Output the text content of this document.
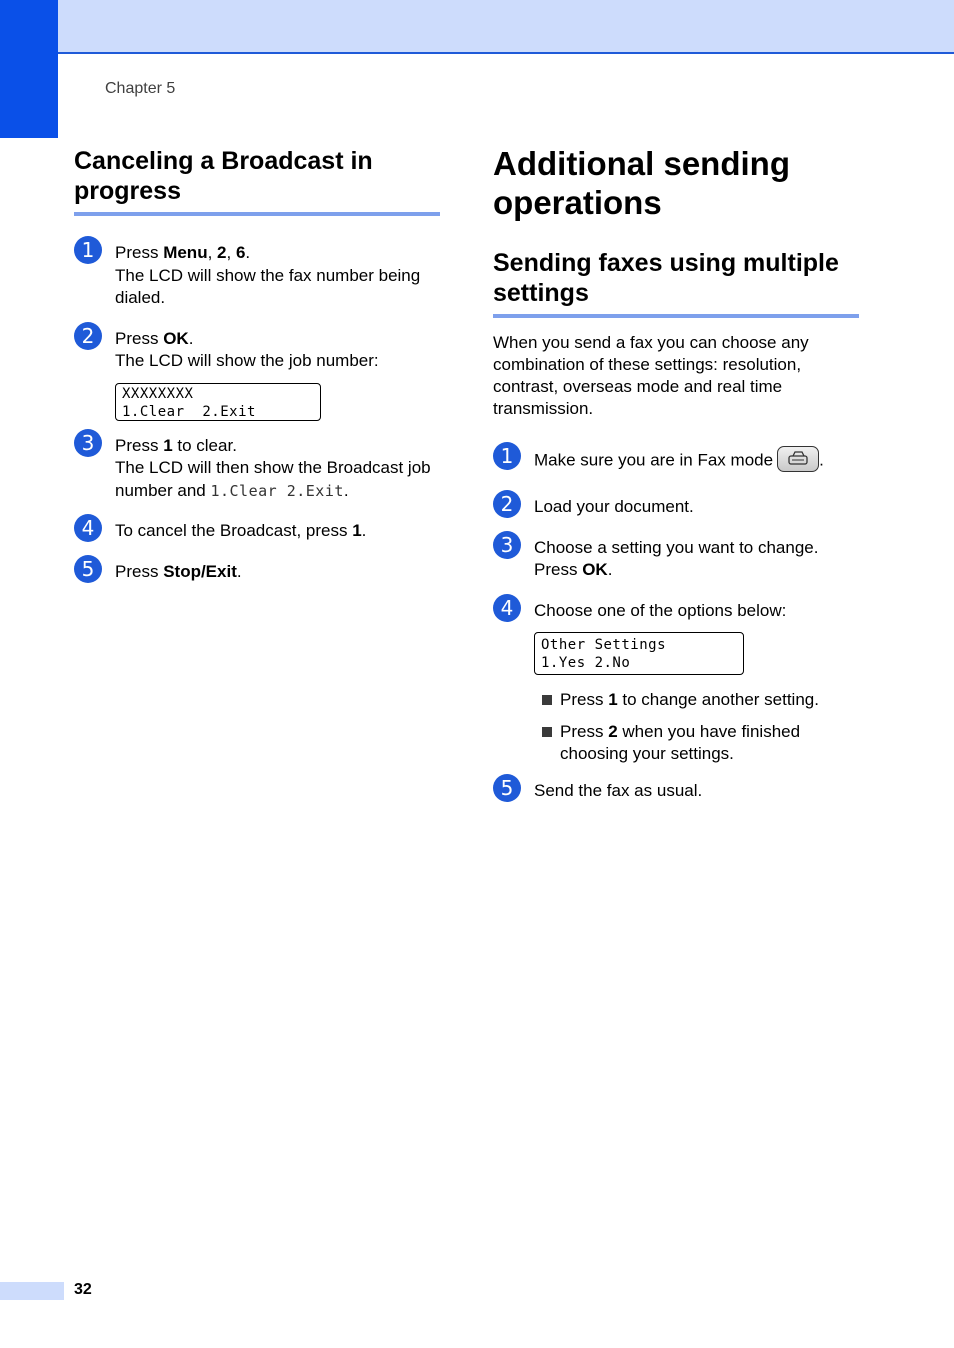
Chapter 5
Canceling a Broadcast in progress
1	Press Menu, 2, 6.

The LCD will show the fax number being dialed.

2	Press OK.

The LCD will show the job number:

XXXXXXXX
1.Clear  2.Exit
3	Press 1 to clear.

The LCD will then show the Broadcast job number and 1.Clear 2.Exit.

4	To cancel the Broadcast, press 1.

5	Press Stop/Exit.

Additional sending operations
Sending faxes using multiple settings

When you send a fax you can choose any combination of these settings: resolution, contrast, overseas mode and real time transmission.

1	Make sure you are in Fax mode	.

2	Load your document.

3	Choose a setting you want to change.

Press OK.

4	Choose one of the options below:

Other Settings
1.Yes 2.No
Press 1 to change another setting.
Press 2 when you have finished choosing your settings.
5	Send the fax as usual.

32
